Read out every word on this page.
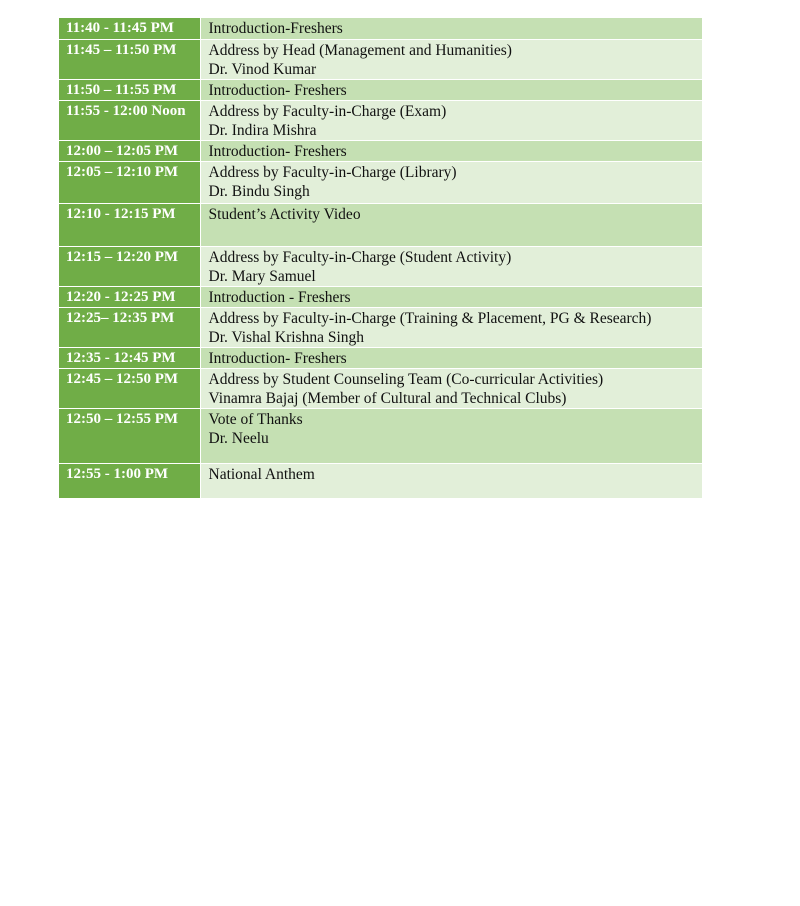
11:40 - 11:45 PM	Introduction-Freshers

11:45 – 11:50 PM	Address by Head (Management and Humanities)
Dr. Vinod Kumar

11:50 – 11:55 PM	Introduction- Freshers

11:55 - 12:00 Noon	Address by Faculty-in-Charge (Exam)
Dr. Indira Mishra

12:00 – 12:05 PM	Introduction- Freshers

12:05 – 12:10 PM	Address by Faculty-in-Charge (Library)
Dr. Bindu Singh

12:10 - 12:15 PM	Student’s Activity Video

12:15 – 12:20 PM	Address by Faculty-in-Charge (Student Activity)
Dr. Mary Samuel

12:20 - 12:25 PM	Introduction - Freshers

12:25– 12:35 PM	Address by Faculty-in-Charge (Training & Placement, PG & Research)
Dr. Vishal Krishna Singh

12:35 - 12:45 PM	Introduction- Freshers

12:45 – 12:50 PM	Address by Student Counseling Team (Co-curricular Activities)
Vinamra Bajaj (Member of Cultural and Technical Clubs)

12:50 – 12:55 PM	Vote of Thanks
Dr. Neelu

12:55 - 1:00 PM	National Anthem
